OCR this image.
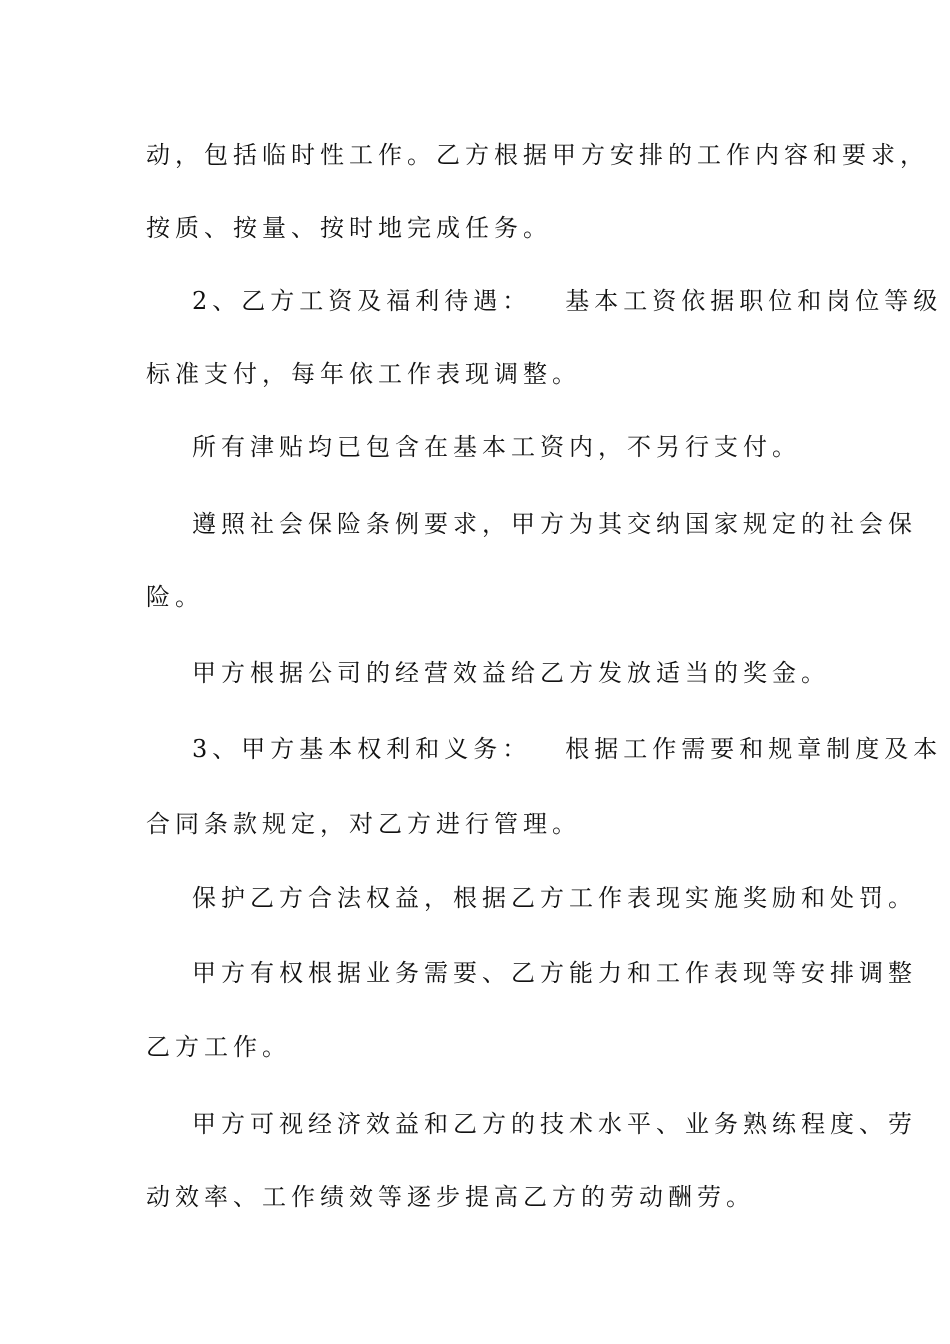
动，包括临时性工作。乙方根据甲方安排的工作内容和要求，
按质、按量、按时地完成任务。
2、乙方工资及福利待遇： 基本工资依据职位和岗位等级
标准支付，每年依工作表现调整。
所有津贴均已包含在基本工资内，不另行支付。
遵照社会保险条例要求，甲方为其交纳国家规定的社会保
险。
甲方根据公司的经营效益给乙方发放适当的奖金。
3、甲方基本权利和义务： 根据工作需要和规章制度及本
合同条款规定，对乙方进行管理。
保护乙方合法权益，根据乙方工作表现实施奖励和处罚。
甲方有权根据业务需要、乙方能力和工作表现等安排调整
乙方工作。
甲方可视经济效益和乙方的技术水平、业务熟练程度、劳
动效率、工作绩效等逐步提高乙方的劳动酬劳。
